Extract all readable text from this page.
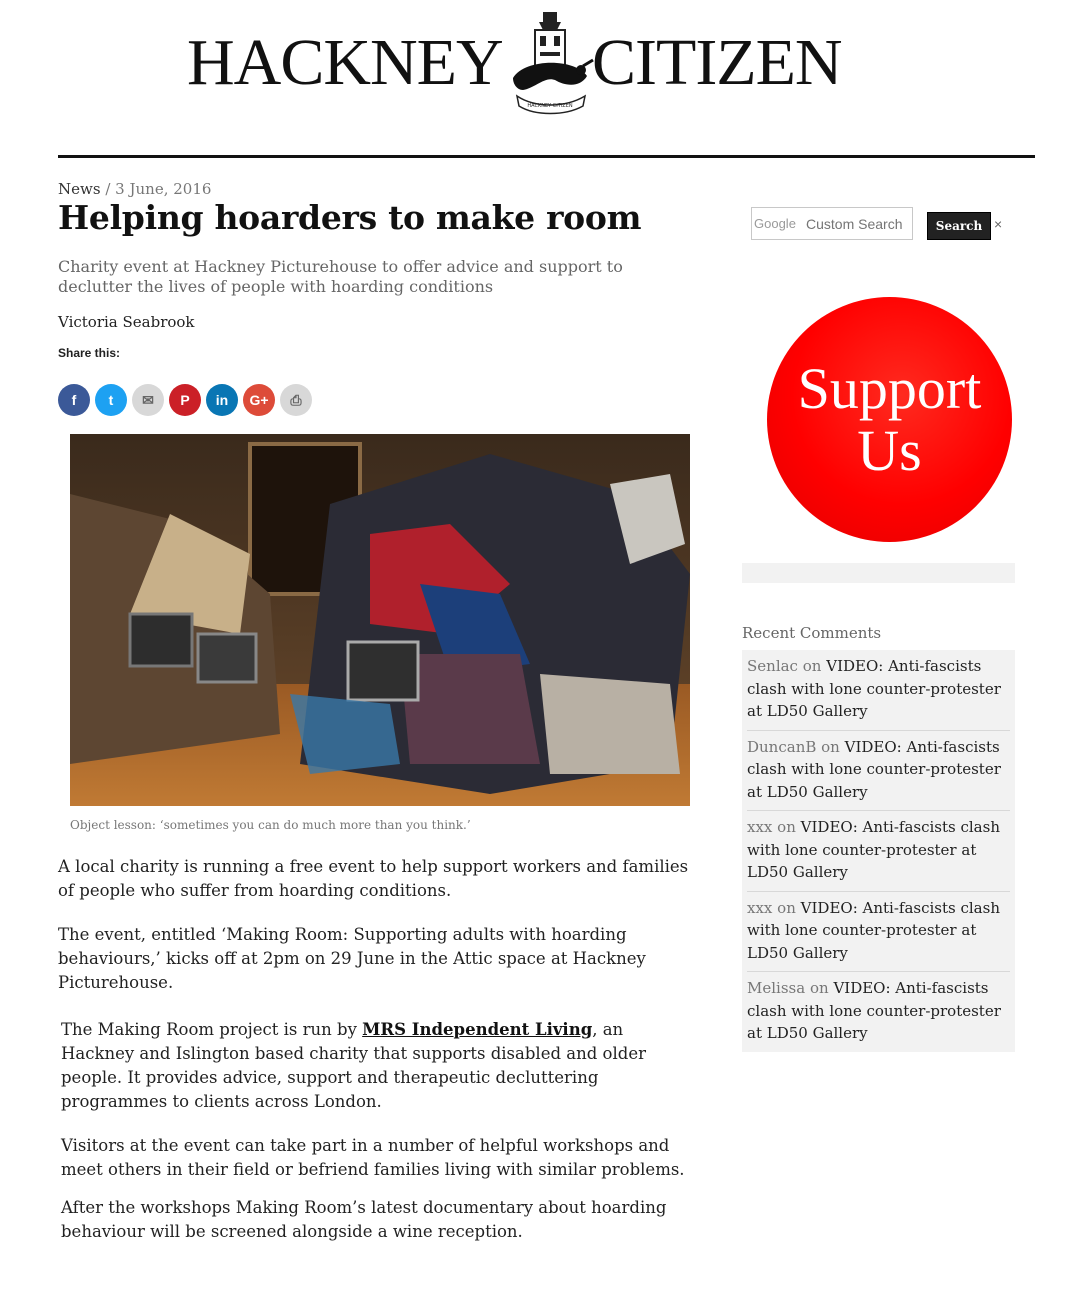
HACKNEY
HACKNEY CITIZEN
CITIZEN
News / 3 June, 2016
Helping hoarders to make room

Charity event at Hackney Picturehouse to offer advice and support to declutter the lives of people with hoarding conditions

Victoria Seabrook
Share this:
f	t	✉	P	in	G+	⎙
Object lesson: ‘sometimes you can do much more than you think.’

A local charity is running a free event to help support workers and families of people who suffer from hoarding conditions.

The event, entitled ‘Making Room: Supporting adults with hoarding behaviours,’ kicks off at 2pm on 29 June in the Attic space at Hackney Picturehouse.

The Making Room project is run by MRS Independent Living, an Hackney and Islington based charity that supports disabled and older people. It provides advice, support and therapeutic decluttering programmes to clients across London.

Visitors at the event can take part in a number of helpful workshops and meet others in their field or befriend families living with similar problems.

After the workshops Making Room’s latest documentary about hoarding behaviour will be screened alongside a wine reception.

Custom Search
Google	Search ×
Support
Us
Recent Comments
Senlac on VIDEO: Anti-fascists clash with lone counter-protester at LD50 Gallery
DuncanB on VIDEO: Anti-fascists clash with lone counter-protester at LD50 Gallery
xxx on VIDEO: Anti-fascists clash with lone counter-protester at LD50 Gallery
xxx on VIDEO: Anti-fascists clash with lone counter-protester at LD50 Gallery
Melissa on VIDEO: Anti-fascists clash with lone counter-protester at LD50 Gallery
